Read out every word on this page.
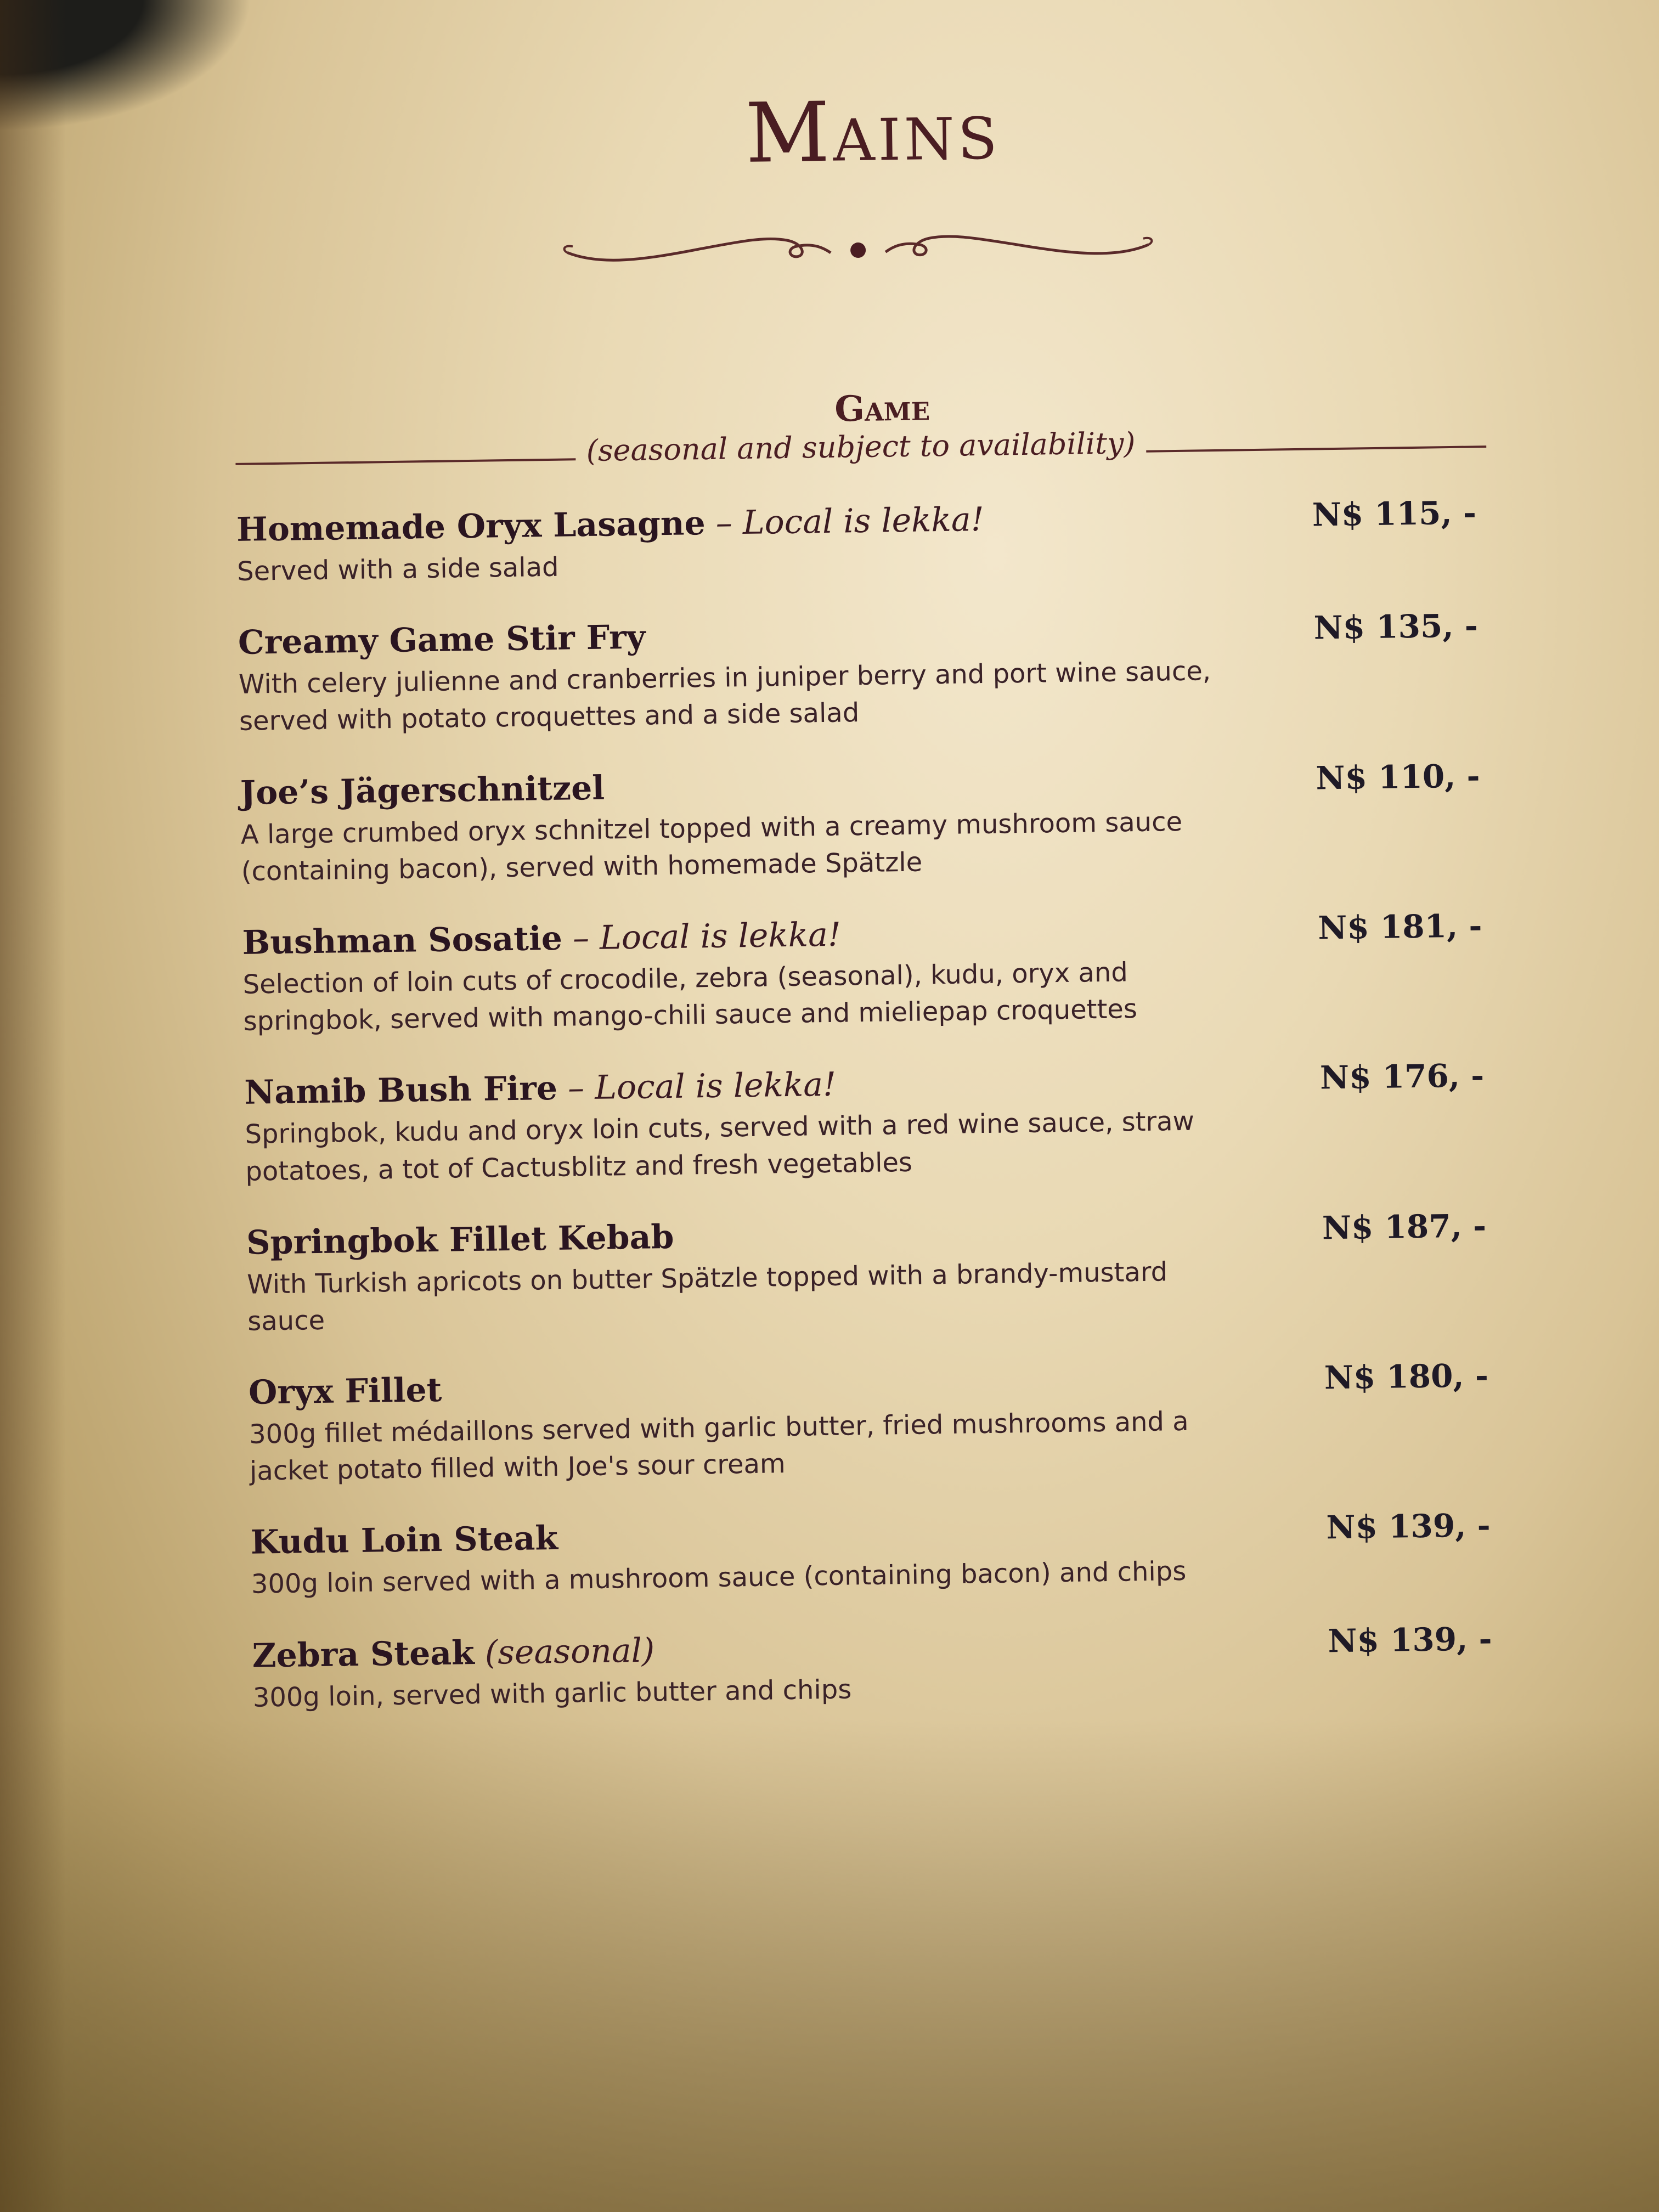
Mains
Game
(seasonal and subject to availability)
Homemade Oryx Lasagne – Local is lekka!
Served with a side salad
N$ 115, -
Creamy Game Stir Fry
With celery julienne and cranberries in juniper berry and port wine sauce, served with potato croquettes and a side salad
N$ 135, -
Joe’s Jägerschnitzel
A large crumbed oryx schnitzel topped with a creamy mushroom sauce (containing bacon), served with homemade Spätzle
N$ 110, -
Bushman Sosatie – Local is lekka!
Selection of loin cuts of crocodile, zebra (seasonal), kudu, oryx and springbok, served with mango-chili sauce and mieliepap croquettes
N$ 181, -
Namib Bush Fire – Local is lekka!
Springbok, kudu and oryx loin cuts, served with a red wine sauce, straw potatoes, a tot of Cactusblitz and fresh vegetables
N$ 176, -
Springbok Fillet Kebab
With Turkish apricots on butter Spätzle topped with a brandy-mustard sauce
N$ 187, -
Oryx Fillet
300g fillet médaillons served with garlic butter, fried mushrooms and a jacket potato filled with Joe's sour cream
N$ 180, -
Kudu Loin Steak
300g loin served with a mushroom sauce (containing bacon) and chips
N$ 139, -
Zebra Steak (seasonal)
300g loin, served with garlic butter and chips
N$ 139, -
